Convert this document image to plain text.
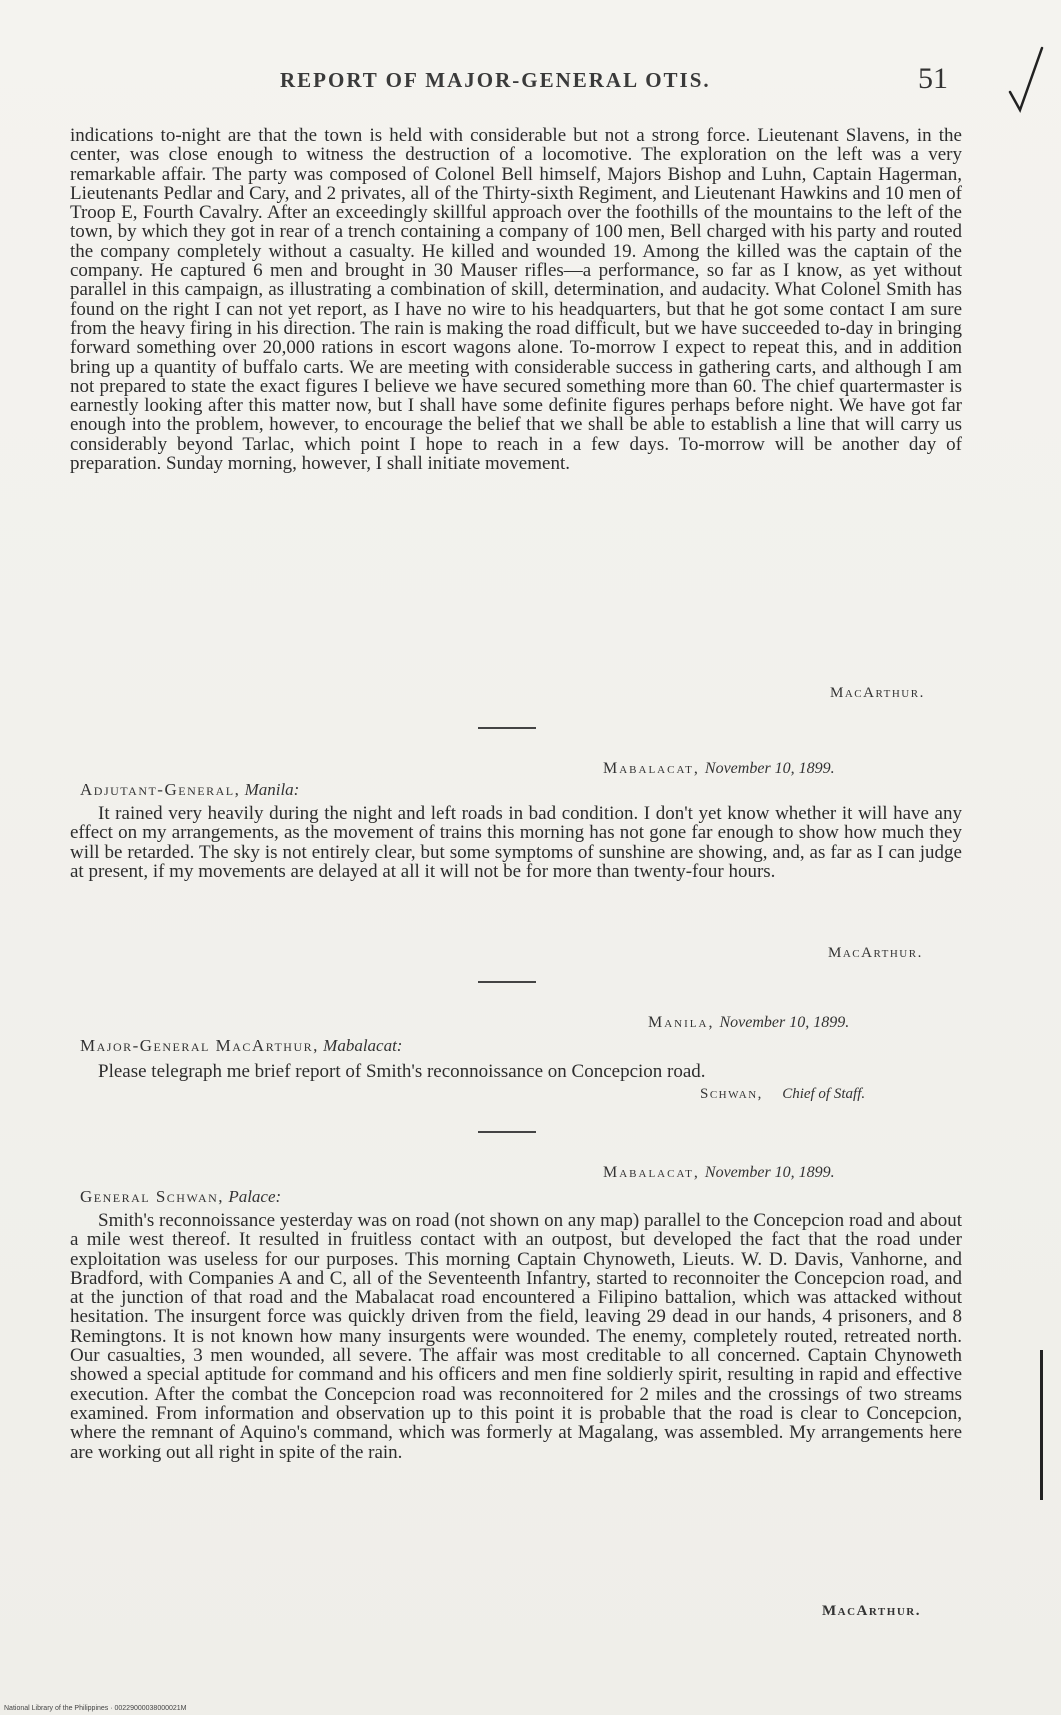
REPORT OF MAJOR-GENERAL OTIS.	51

indications to-night are that the town is held with considerable but not a strong force. Lieutenant Slavens, in the center, was close enough to witness the destruction of a locomotive. The exploration on the left was a very remarkable affair. The party was composed of Colonel Bell himself, Majors Bishop and Luhn, Captain Hagerman, Lieutenants Pedlar and Cary, and 2 privates, all of the Thirty-sixth Regiment, and Lieutenant Hawkins and 10 men of Troop E, Fourth Cavalry. After an exceedingly skillful approach over the foothills of the mountains to the left of the town, by which they got in rear of a trench containing a company of 100 men, Bell charged with his party and routed the company completely without a casualty. He killed and wounded 19. Among the killed was the captain of the company. He captured 6 men and brought in 30 Mauser rifles—a performance, so far as I know, as yet without parallel in this campaign, as illustrating a combination of skill, determination, and audacity. What Colonel Smith has found on the right I can not yet report, as I have no wire to his headquarters, but that he got some contact I am sure from the heavy firing in his direction. The rain is making the road difficult, but we have succeeded to-day in bringing forward something over 20,000 rations in escort wagons alone. To-morrow I expect to repeat this, and in addition bring up a quantity of buffalo carts. We are meeting with considerable success in gathering carts, and although I am not prepared to state the exact figures I believe we have secured something more than 60. The chief quartermaster is earnestly looking after this matter now, but I shall have some definite figures perhaps before night. We have got far enough into the problem, however, to encourage the belief that we shall be able to establish a line that will carry us considerably beyond Tarlac, which point I hope to reach in a few days. To-morrow will be another day of preparation. Sunday morning, however, I shall initiate movement.

MacArthur.
Mabalacat, November 10, 1899.
Adjutant-General, Manila:

It rained very heavily during the night and left roads in bad condition. I don't yet know whether it will have any effect on my arrangements, as the movement of trains this morning has not gone far enough to show how much they will be retarded. The sky is not entirely clear, but some symptoms of sunshine are showing, and, as far as I can judge at present, if my movements are delayed at all it will not be for more than twenty-four hours.

MacArthur.
Manila, November 10, 1899.
Major-General MacArthur, Mabalacat:

Please telegraph me brief report of Smith's reconnoissance on Concepcion road.

Schwan, Chief of Staff.
Mabalacat, November 10, 1899.
General Schwan, Palace:

Smith's reconnoissance yesterday was on road (not shown on any map) parallel to the Concepcion road and about a mile west thereof. It resulted in fruitless contact with an outpost, but developed the fact that the road under exploitation was useless for our purposes. This morning Captain Chynoweth, Lieuts. W. D. Davis, Vanhorne, and Bradford, with Companies A and C, all of the Seventeenth Infantry, started to reconnoiter the Concepcion road, and at the junction of that road and the Mabalacat road encountered a Filipino battalion, which was attacked without hesitation. The insurgent force was quickly driven from the field, leaving 29 dead in our hands, 4 prisoners, and 8 Remingtons. It is not known how many insurgents were wounded. The enemy, completely routed, retreated north. Our casualties, 3 men wounded, all severe. The affair was most creditable to all concerned. Captain Chynoweth showed a special aptitude for command and his officers and men fine soldierly spirit, resulting in rapid and effective execution. After the combat the Concepcion road was reconnoitered for 2 miles and the crossings of two streams examined. From information and observation up to this point it is probable that the road is clear to Concepcion, where the remnant of Aquino's command, which was formerly at Magalang, was assembled. My arrangements here are working out all right in spite of the rain.

MacArthur.
National Library of the Philippines · 00229000038000021M
